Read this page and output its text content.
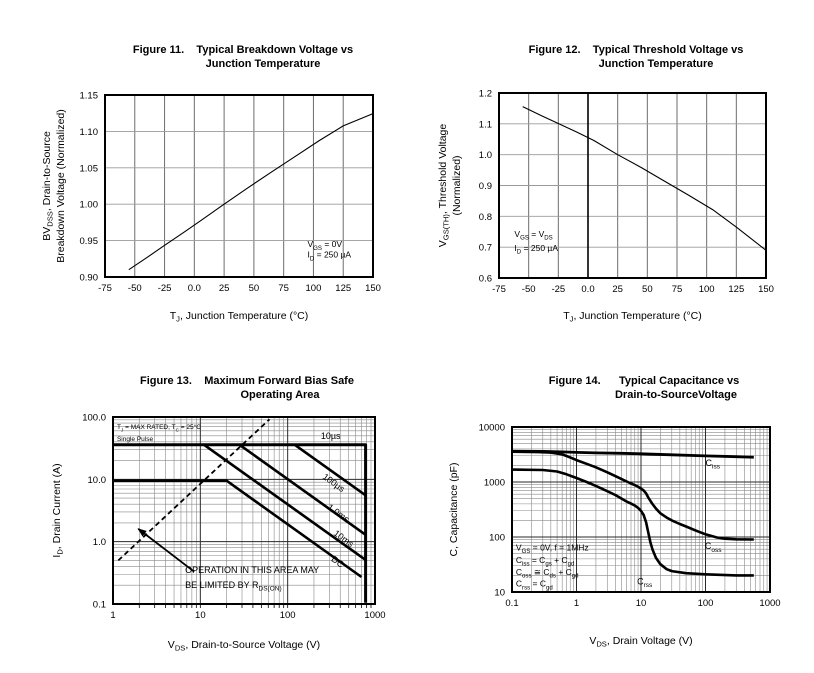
Figure 11.    Typical Breakdown Voltage vs
Junction Temperature
Figure 12.    Typical Threshold Voltage vs
Junction Temperature
Figure 13.    Maximum Forward Bias Safe
Operating Area
Figure 14.      Typical Capacitance vs
Drain-to-SourceVoltage
-75 -50 -25 0.0 25 50 75 100 125 150
0.90
0.95
1.00
1.05
1.10
1.15
$T_J$, Junction Temperature (°C)
$BV_{DSS}$, Drain-to-Source Breakdown Voltage (Normalized)	$V_{GS} = 0V$
$I_D = 250$ µA
-75 -50 -25 0.0 25 50 75 100 125 150
0.6
0.7
0.8
0.9
1.0
1.1
1.2
$T_J$, Junction Temperature (°C)
$V_{GS(TH)}$, Threshold Voltage (Normalized)
$V_{GS} = V_{DS}$
$I_D = 250$ µA
1	10	100	1000
100.0
10.0
1.0
0.1
$V_{DS}$, Drain-to-Source Voltage (V)
$I_D$, Drain Current (A)
$T_J$ = MAX RATED, $T_C = 25^\circ C$
Single Pulse
OPERATION IN THIS AREA MAY
BE LIMITED BY $R_{DS(ON)}$
10µs
100µs
1.0ms
10ms
DC
0.1	1	10	100	1000
10000
1000
100
10
$V_{DS}$, Drain Voltage (V)
C, Capacitance (pF)	$V_{GS} = 0V$, f = 1MHz
$C_{iss} = C_{gs} + C_{gd}$
$C_{oss}$ ≅ $C_{ds} + C_{gd}$
$C_{rss} = C_{gd}$
$C_{iss}$
$C_{oss}$
$C_{rss}$
